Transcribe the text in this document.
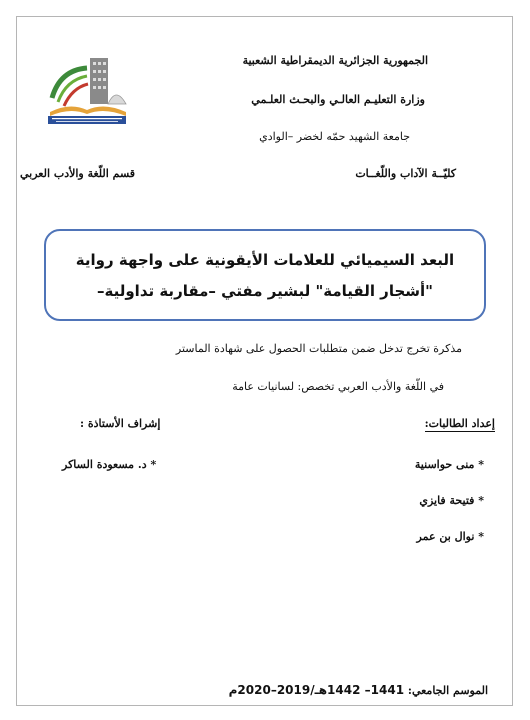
الجمهورية الجزائرية الديمقراطية الشعبية
وزارة التعليـم العالـي والبحـث العلـمي
جامعة الشهيد حمّه لخضر –الوادي
كليّــة الآداب واللّغــات
قسم اللّغة والأدب العربي
البعد السيميائي للعلامات الأيقونية على واجهة رواية
"أشجار القيامة" لبشير مفتي –مقاربة تداولية–
مذكرة تخرج تدخل ضمن متطلبات الحصول على شهادة الماستر
في اللّغة والأدب العربي تخصص: لسانيات عامة
إعداد الطالبات:
إشراف الأستاذة :
* منى حواسنية
* فتيحة فايزي
* نوال بن عمر
* د. مسعودة الساكر
الموسم الجامعي: 1441– 1442هـ/2019–2020م
